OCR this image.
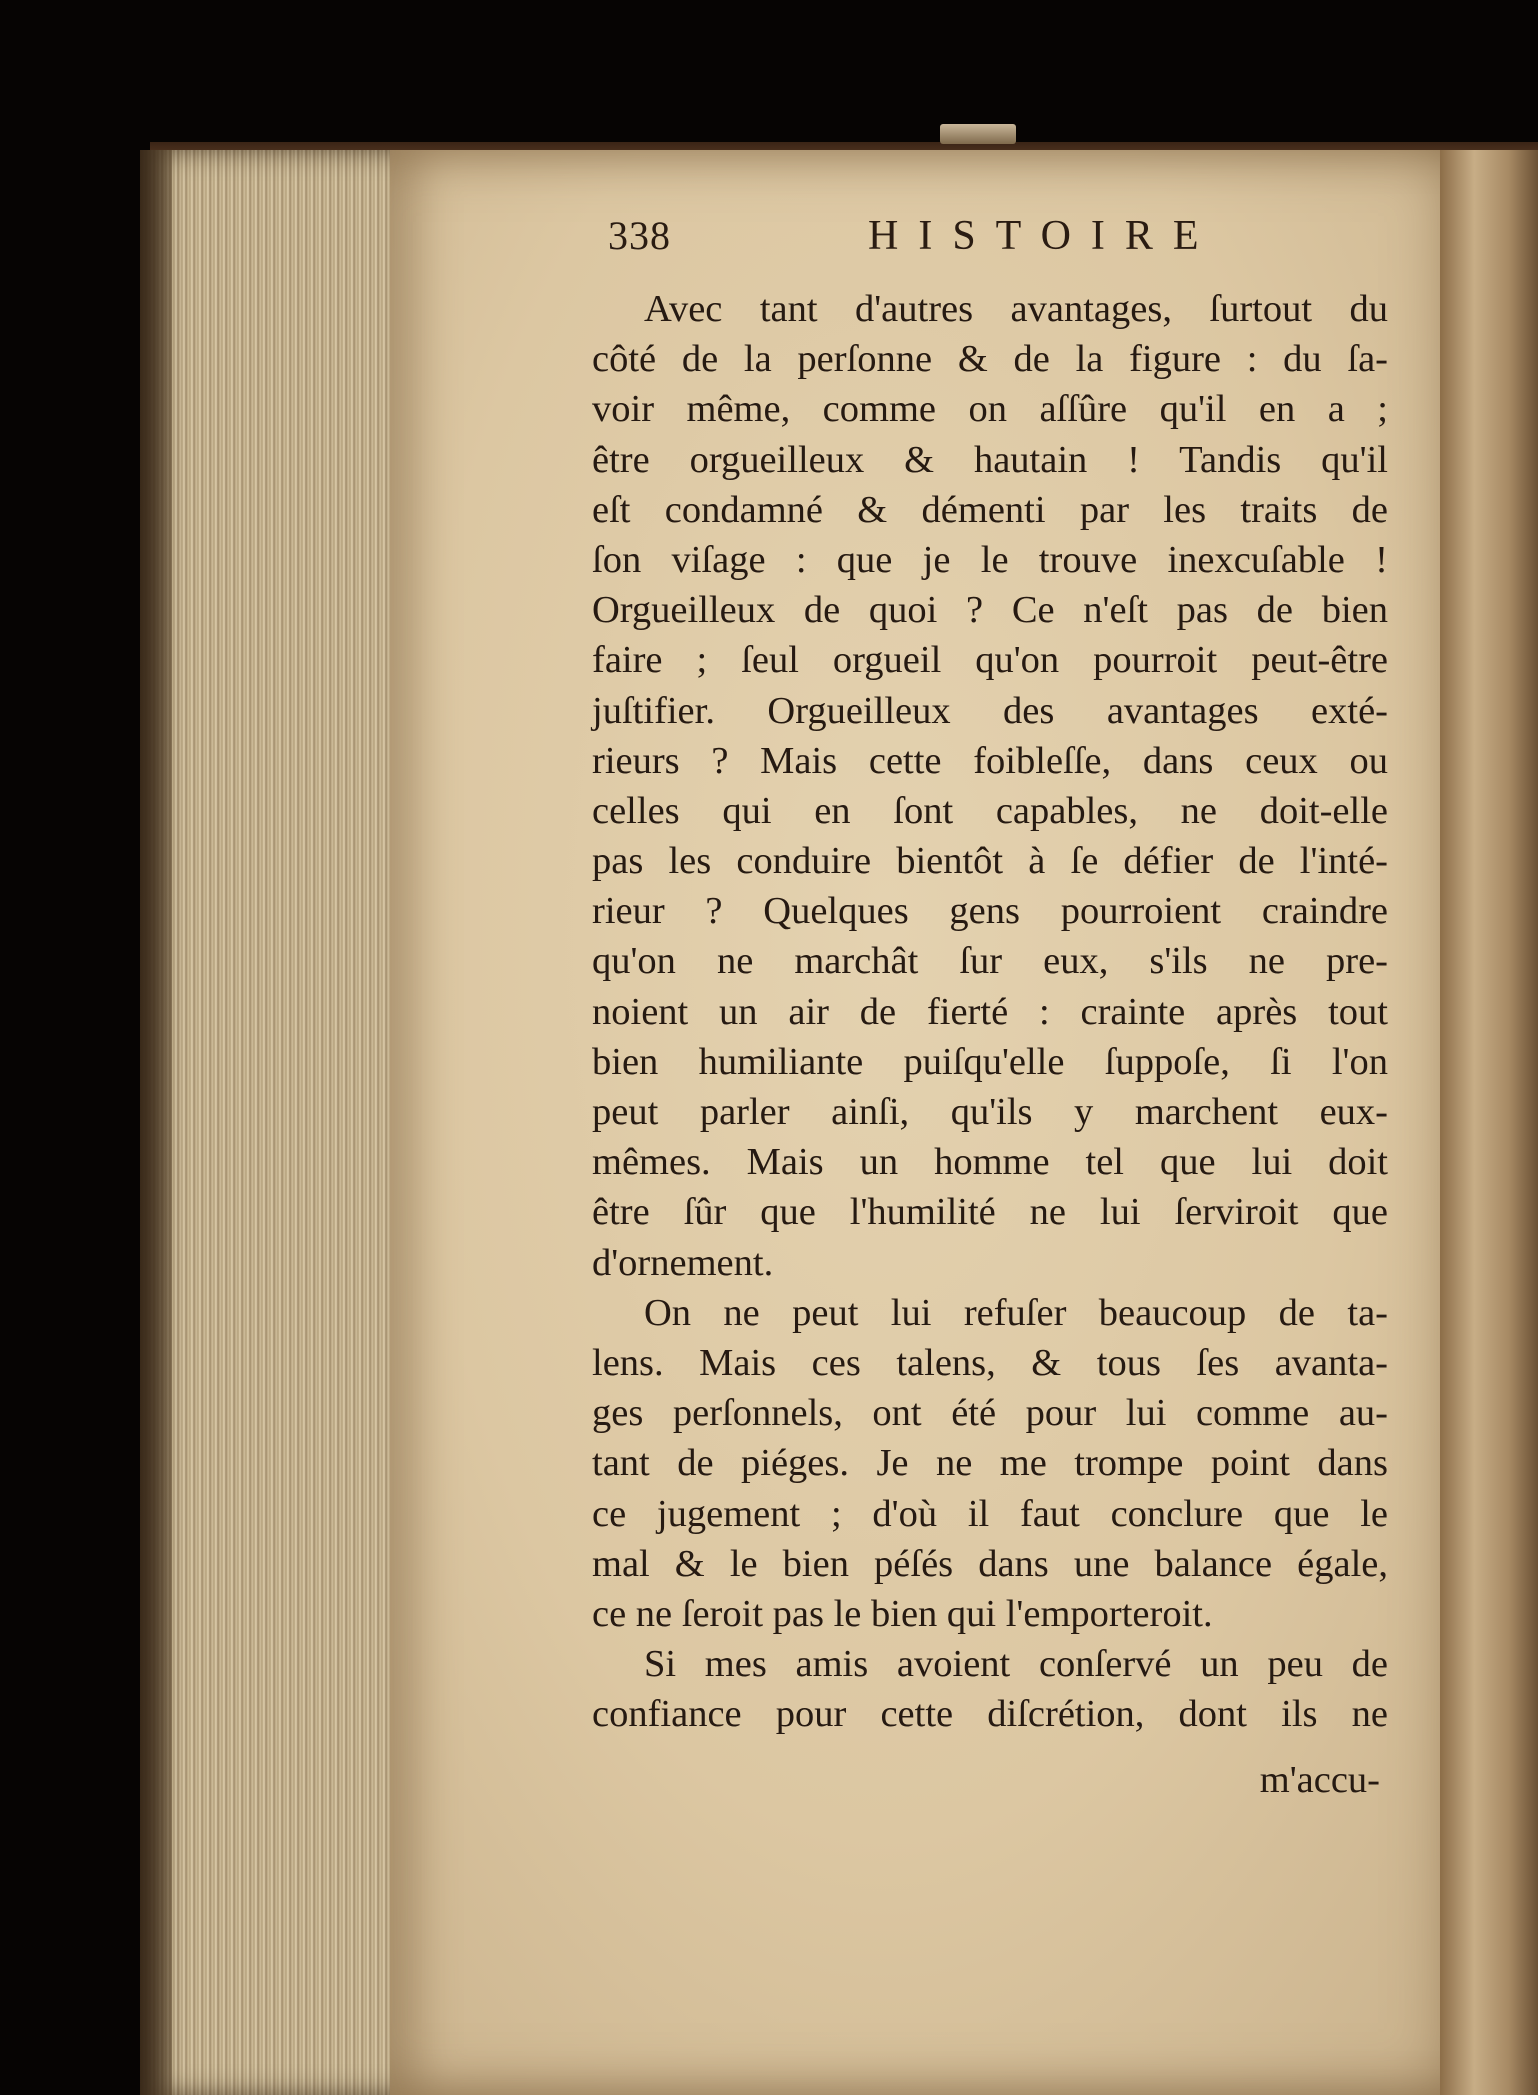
338	HISTOIRE
Avec tant d'autres avantages, ſurtout du
côté de la perſonne & de la figure : du ſa-
voir même, comme on aſſûre qu'il en a ;
être orgueilleux & hautain ! Tandis qu'il
eſt condamné & démenti par les traits de
ſon viſage : que je le trouve inexcuſable !
Orgueilleux de quoi ? Ce n'eſt pas de bien
faire ; ſeul orgueil qu'on pourroit peut-être
juſtifier. Orgueilleux des avantages exté-
rieurs ? Mais cette foibleſſe, dans ceux ou
celles qui en ſont capables, ne doit-elle
pas les conduire bientôt à ſe défier de l'inté-
rieur ? Quelques gens pourroient craindre
qu'on ne marchât ſur eux, s'ils ne pre-
noient un air de fierté : crainte après tout
bien humiliante puiſqu'elle ſuppoſe, ſi l'on
peut parler ainſi, qu'ils y marchent eux-
mêmes. Mais un homme tel que lui doit
être ſûr que l'humilité ne lui ſerviroit que
d'ornement.
On ne peut lui refuſer beaucoup de ta-
lens. Mais ces talens, & tous ſes avanta-
ges perſonnels, ont été pour lui comme au-
tant de piéges. Je ne me trompe point dans
ce jugement ; d'où il faut conclure que le
mal & le bien péſés dans une balance égale,
ce ne ſeroit pas le bien qui l'emporteroit.
Si mes amis avoient conſervé un peu de
confiance pour cette diſcrétion, dont ils ne
m'accu-
